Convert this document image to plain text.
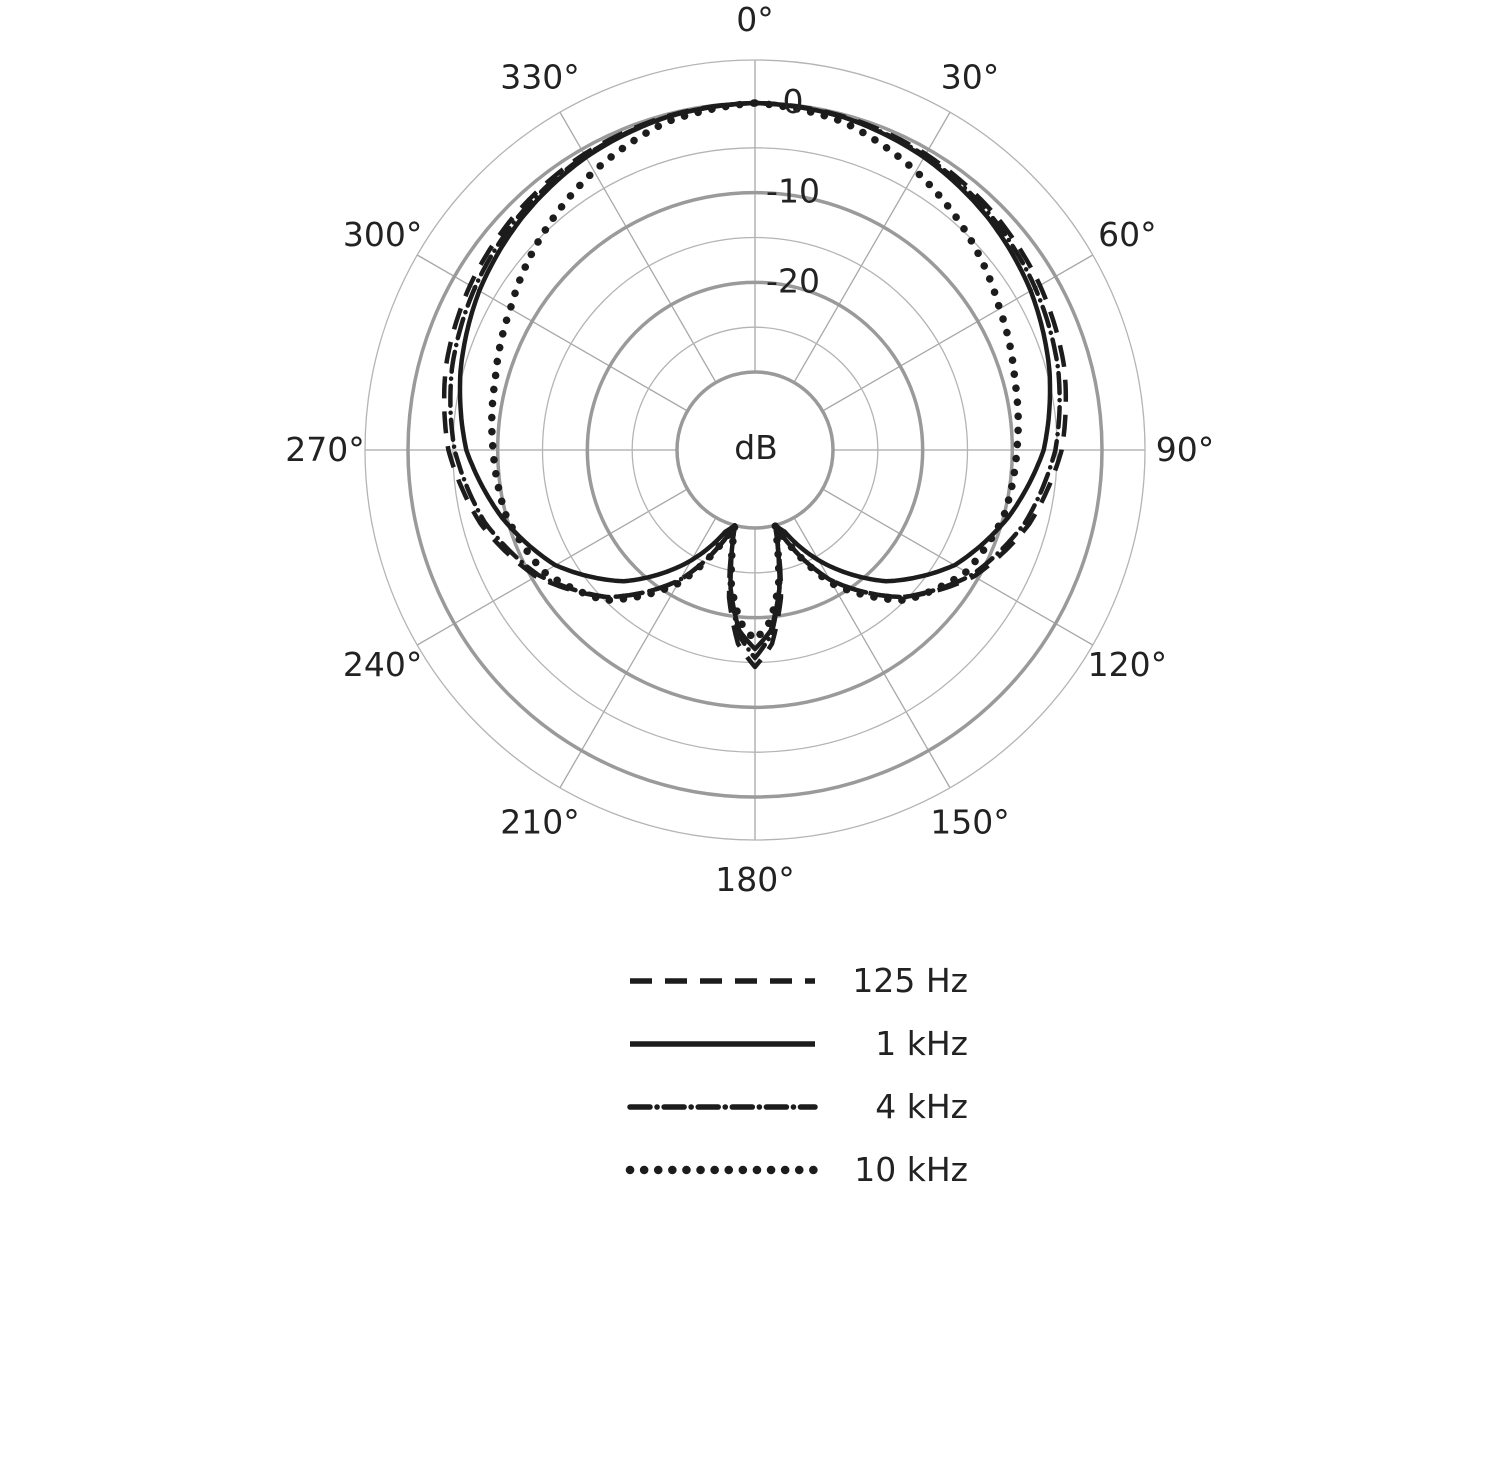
0°
30°
60°
90°
120°
150°
180°
210°
240°
270°
300°
330°
0
-10
-20
dB
125 Hz
1 kHz
4 kHz
10 kHz
